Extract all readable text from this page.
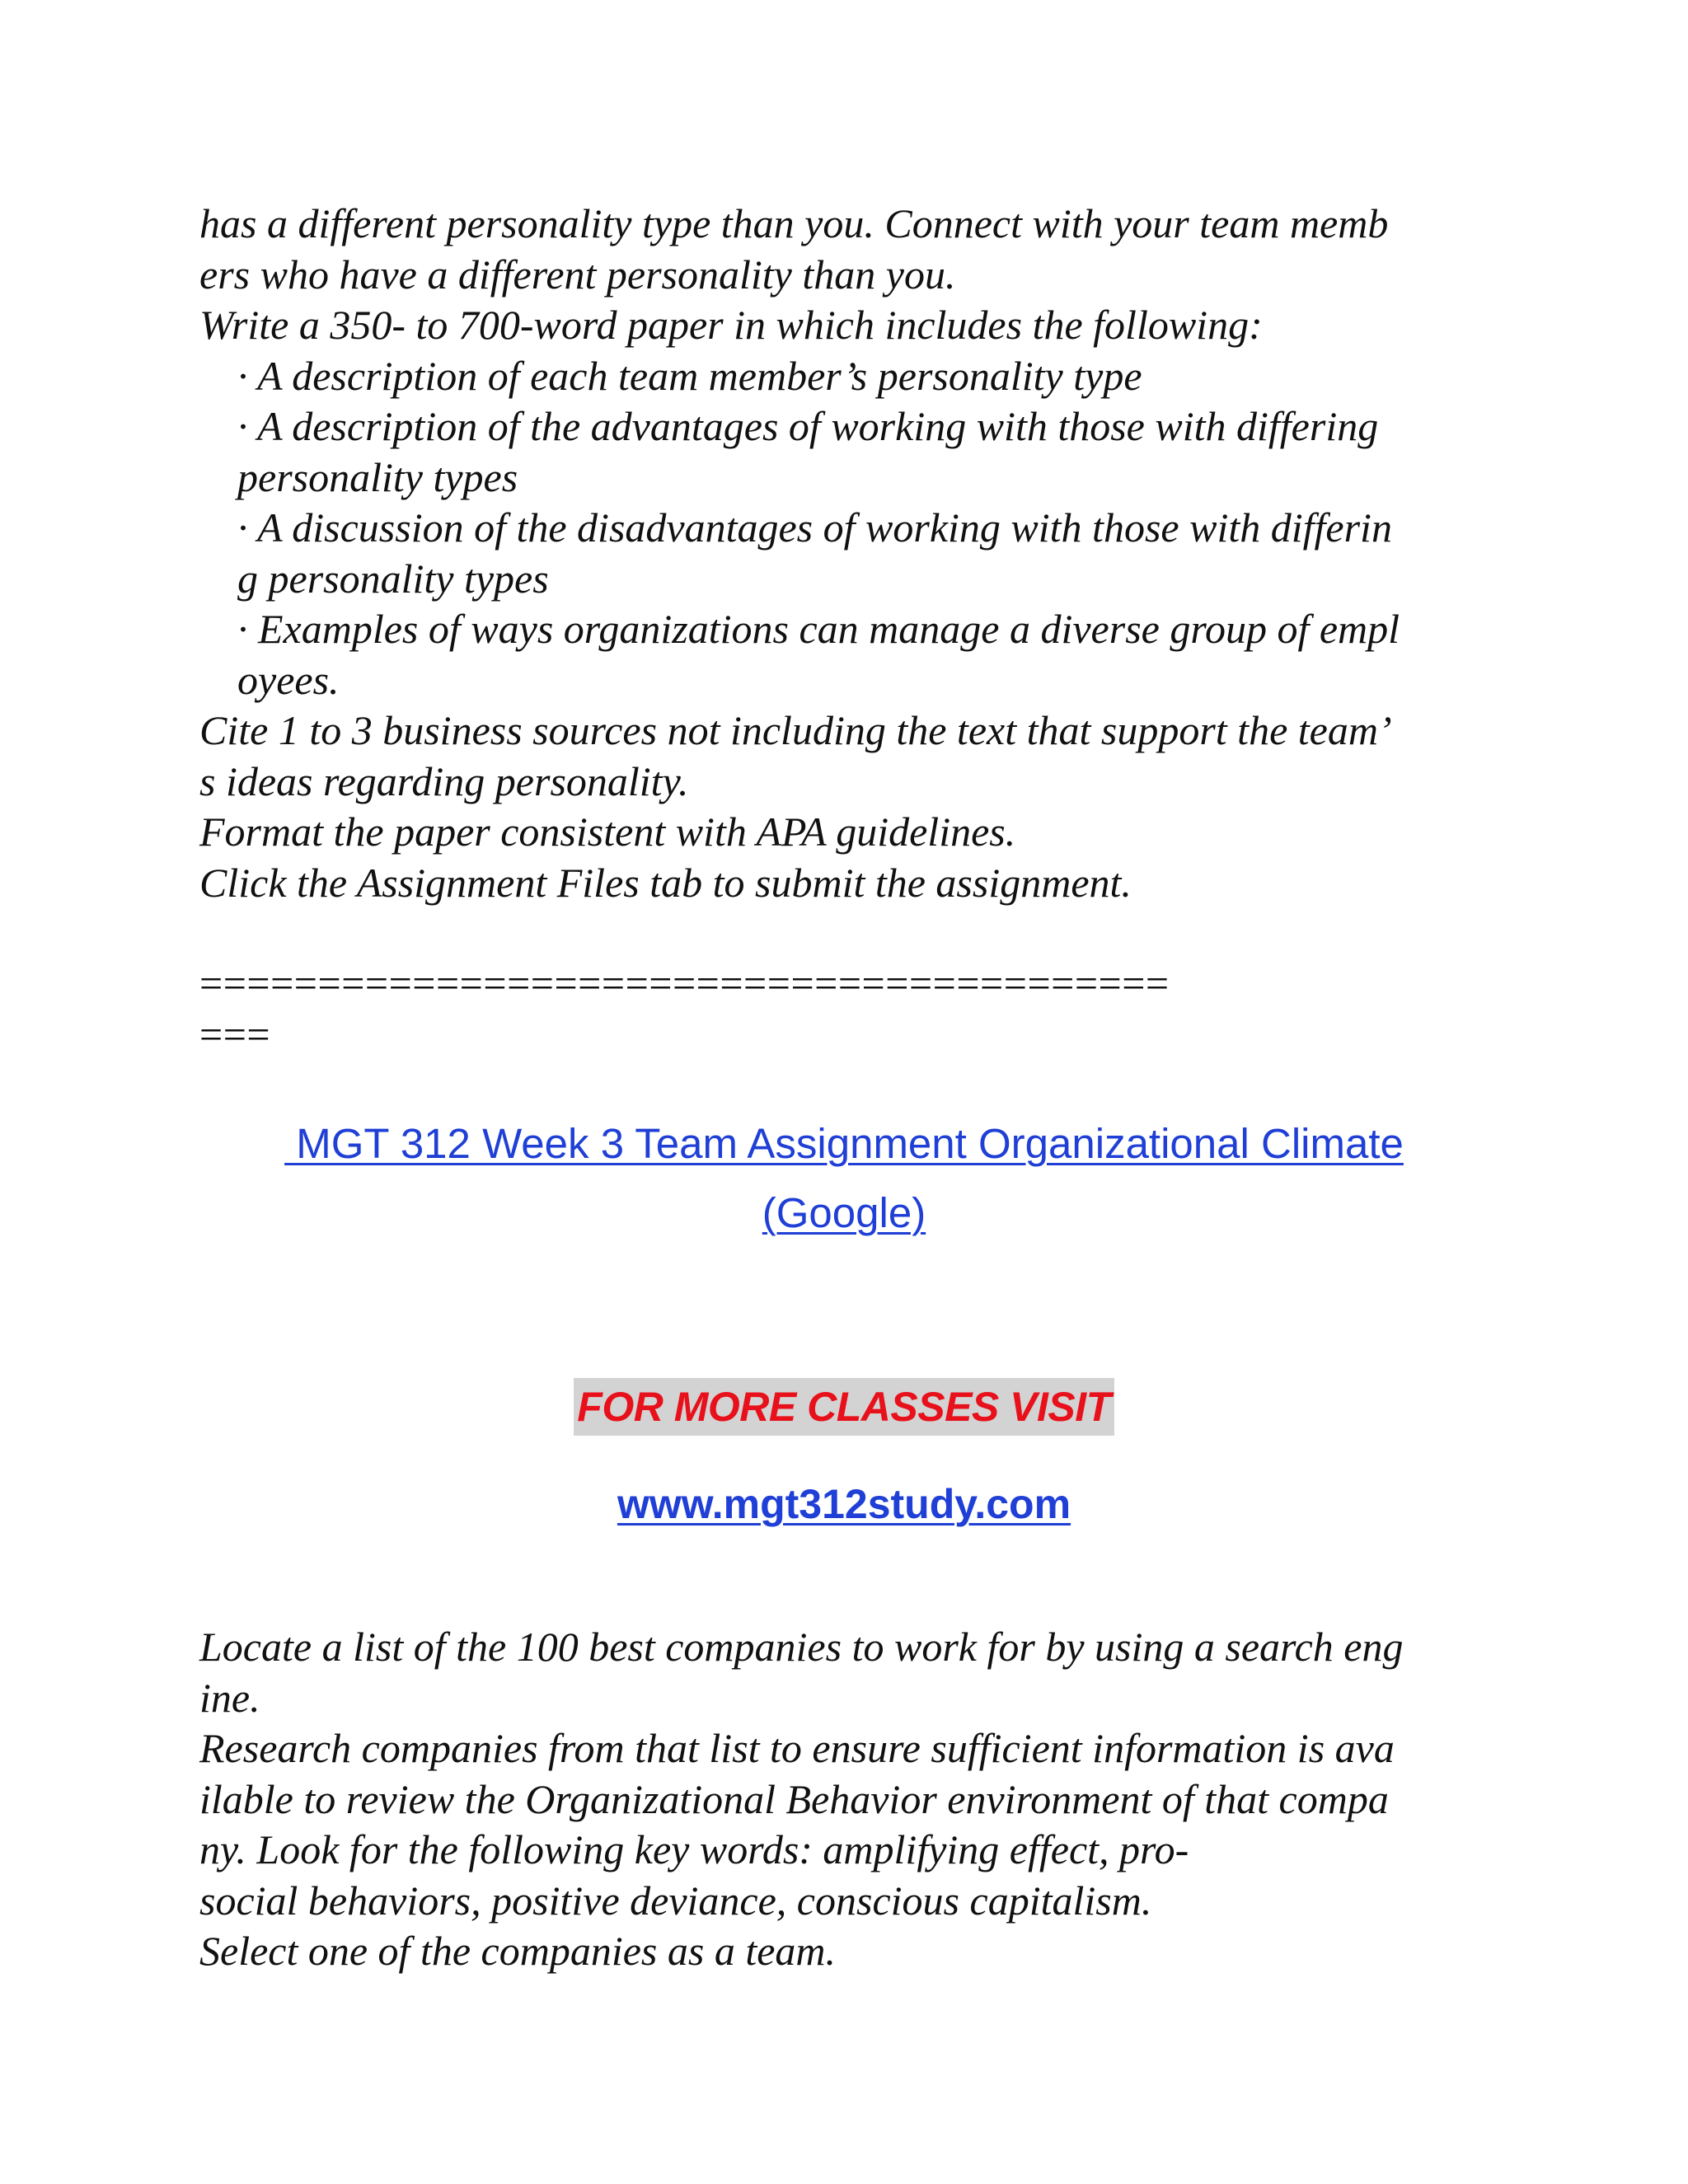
has a different personality type than you. Connect with your team memb
ers who have a different personality than you.
Write a 350- to 700-word paper in which includes the following:
· A description of each team member’s personality type
· A description of the advantages of working with those with differing
personality types
· A discussion of the disadvantages of working with those with differin
g personality types
· Examples of ways organizations can manage a diverse group of empl
oyees.
Cite 1 to 3 business sources not including the text that support the team’
s ideas regarding personality.
Format the paper consistent with APA guidelines.
Click the Assignment Files tab to submit the assignment.
=========================================
===
MGT 312 Week 3 Team Assignment Organizational Climate
(Google)
FOR MORE CLASSES VISIT
www.mgt312study.com
Locate a list of the 100 best companies to work for by using a search eng
ine.
Research companies from that list to ensure sufficient information is ava
ilable to review the Organizational Behavior environment of that compa
ny. Look for the following key words: amplifying effect, pro-
social behaviors, positive deviance, conscious capitalism.
Select one of the companies as a team.
